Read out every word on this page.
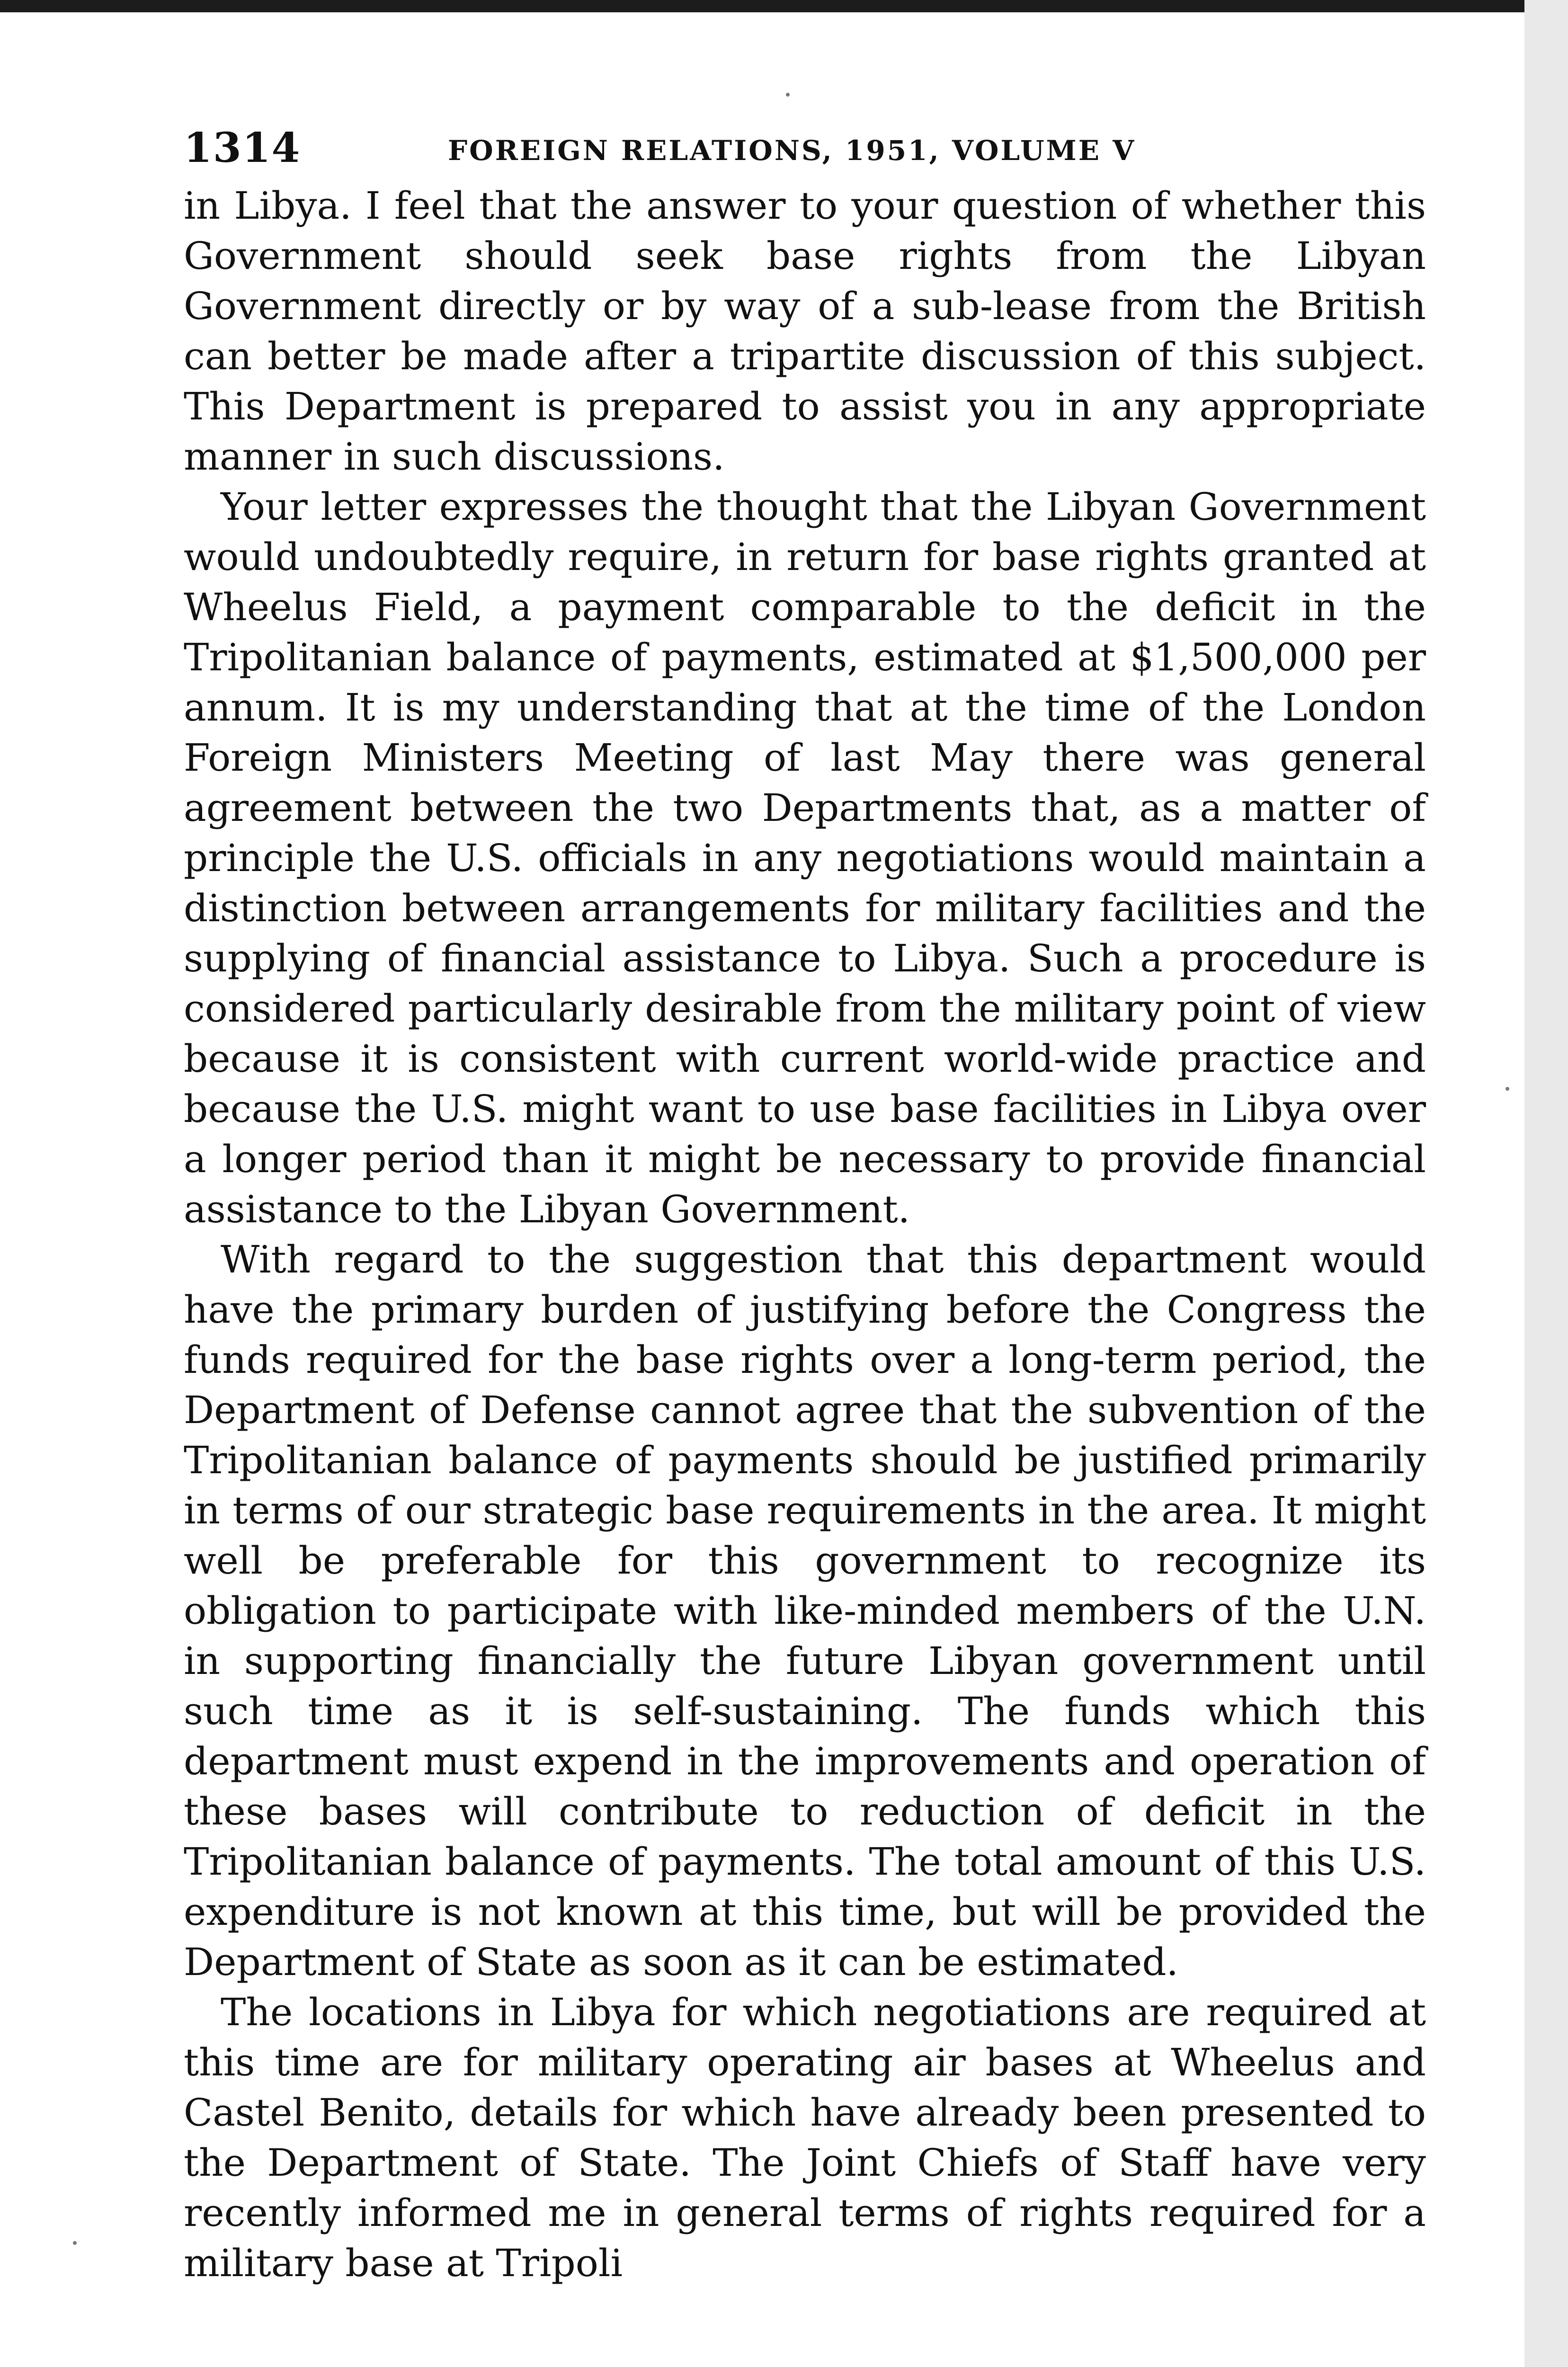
1314	FOREIGN RELATIONS, 1951, VOLUME V

in Libya. I feel that the answer to your question of whether this Government should seek base rights from the Libyan Government directly or by way of a sub-lease from the British can better be made after a tripartite discussion of this subject. This Department is prepared to assist you in any appropriate manner in such discussions.

Your letter expresses the thought that the Libyan Government would undoubtedly require, in return for base rights granted at Wheelus Field, a payment comparable to the deficit in the Tripolitanian balance of payments, estimated at $1,500,000 per annum. It is my understanding that at the time of the London Foreign Ministers Meeting of last May there was general agreement between the two Departments that, as a matter of principle the U.S. officials in any negotiations would maintain a distinction between arrangements for military facilities and the supplying of financial assistance to Libya. Such a procedure is considered particularly desirable from the military point of view because it is consistent with current world-wide practice and because the U.S. might want to use base facilities in Libya over a longer period than it might be necessary to provide financial assistance to the Libyan Government.

With regard to the suggestion that this department would have the primary burden of justifying before the Congress the funds required for the base rights over a long-term period, the Department of Defense cannot agree that the subvention of the Tripolitanian balance of payments should be justified primarily in terms of our strategic base requirements in the area. It might well be preferable for this government to recognize its obligation to participate with like-minded members of the U.N. in supporting financially the future Libyan government until such time as it is self-sustaining. The funds which this department must expend in the improvements and operation of these bases will contribute to reduction of deficit in the Tripolitanian balance of payments. The total amount of this U.S. expenditure is not known at this time, but will be provided the Department of State as soon as it can be estimated.

The locations in Libya for which negotiations are required at this time are for military operating air bases at Wheelus and Castel Benito, details for which have already been presented to the Department of State. The Joint Chiefs of Staff have very recently informed me in general terms of rights required for a military base at Tripoli
